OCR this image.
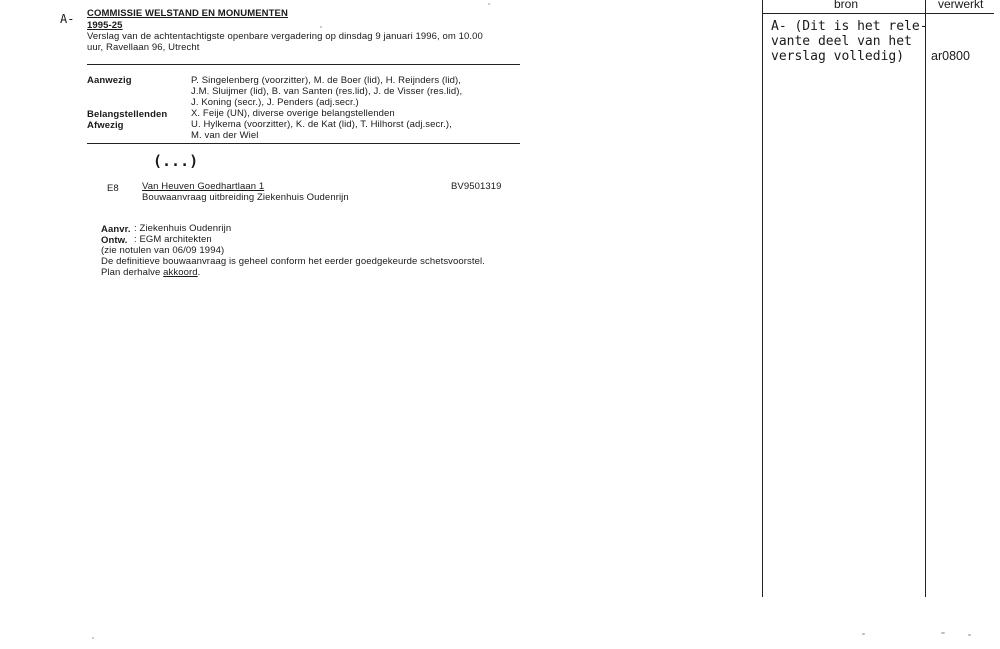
A- COMMISSIE WELSTAND EN MONUMENTEN
1995-25
Verslag van de achtentachtigste openbare vergadering op dinsdag 9 januari 1996, om 10.00
uur, Ravellaan 96, Utrecht
Aanwezig	P. Singelenberg (voorzitter), M. de Boer (lid), H. Reijnders (lid),
J.M. Sluijmer (lid), B. van Santen (res.lid), J. de Visser (res.lid),
J. Koning (secr.), J. Penders (adj.secr.)
Belangstellenden X. Feije (UN), diverse overige belangstellenden
Afwezig	U. Hylkema (voorzitter), K. de Kat (lid), T. Hilhorst (adj.secr.),
M. van der Wiel
(...)
E8 Van Heuven Goedhartlaan 1
Bouwaanvraag uitbreiding Ziekenhuis Oudenrijn
BV9501319
Aanvr. : Ziekenhuis Oudenrijn
Ontw. : EGM architekten
(zie notulen van 06/09 1994)
De definitieve bouwaanvraag is geheel conform het eerder goedgekeurde schetsvoorstel.
Plan derhalve akkoord.
bron	verwerkt
A- (Dit is het rele-
vante deel van het
verslag volledig)	ar0800
